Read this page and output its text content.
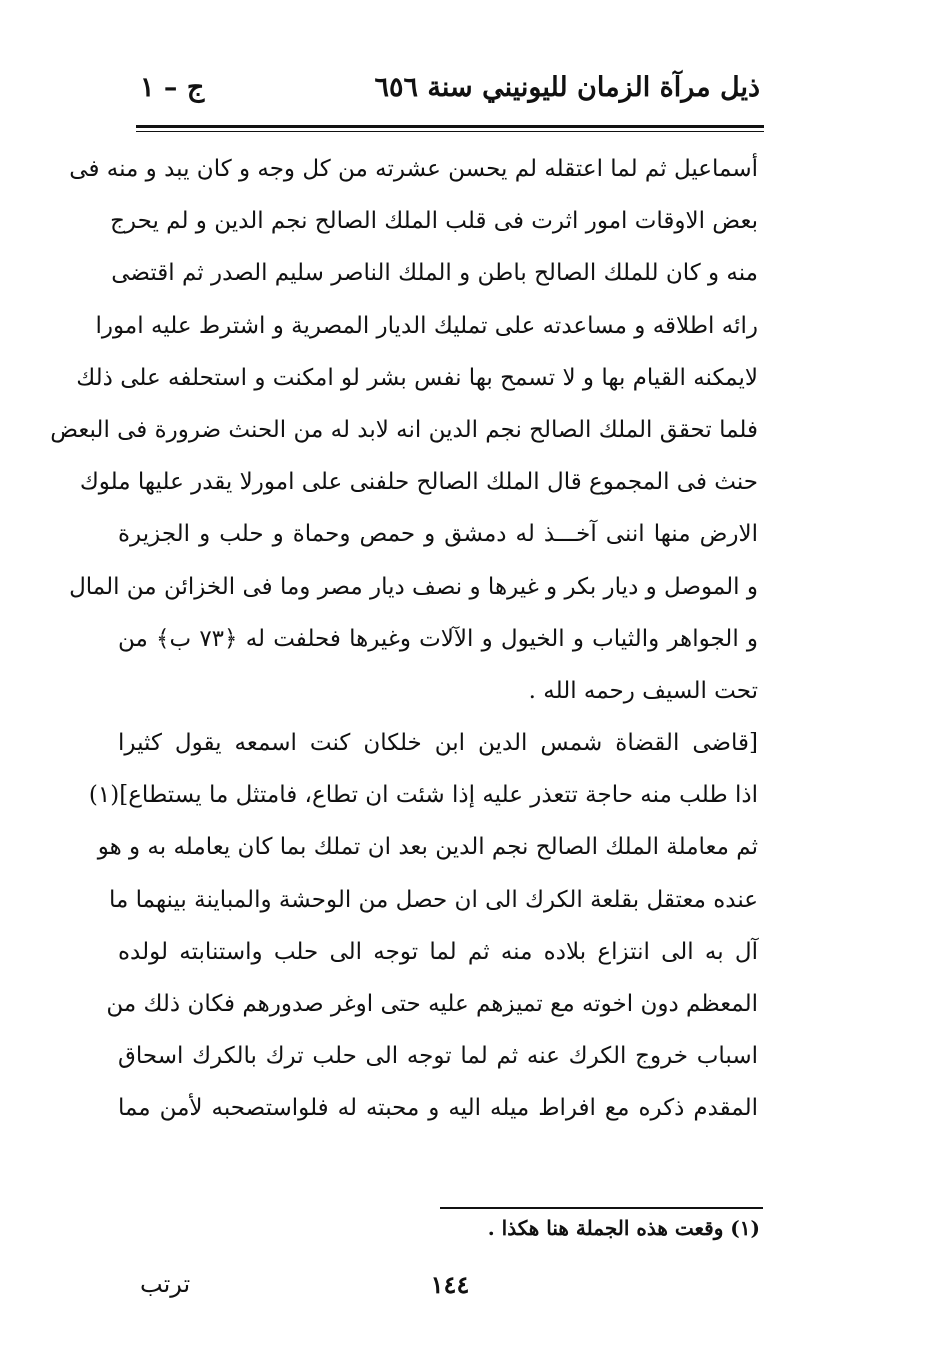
ذيل مرآة الزمان لليونيني سنة ٦٥٦
ج – ١
أسماعيل ثم لما اعتقله لم يحسن عشرته من كل وجه و كان يبد و منه فى
بعض الاوقات امور اثرت فى قلب الملك الصالح نجم الدين و لم يحرج
منه و كان للملك الصالح باطن و الملك الناصر سليم الصدر ثم اقتضى
رائه اطلاقه و مساعدته على تمليك الديار المصرية و اشترط عليه امورا
لايمكنه القيام بها و لا تسمح بها نفس بشر لو امكنت و استحلفه على ذلك
فلما تحقق الملك الصالح نجم الدين انه لابد له من الحنث ضرورة فى البعض
حنث فى المجموع قال الملك الصالح حلفنى على امورلا يقدر عليها ملوك
الارض منها اننى آخـــذ له دمشق و حمص وحماة و حلب و الجزيرة
و الموصل و ديار بكر و غيرها و نصف ديار مصر وما فى الخزائن من المال
و الجواهر والثياب و الخيول و الآلات وغيرها فحلفت له ﴿٧٣ ب﴾ من
تحت السيف رحمه الله .
[قاضى القضاة شمس الدين ابن خلكان كنت اسمعه يقول كثيرا
اذا طلب منه حاجة تتعذر عليه إذا شئت ان تطاع، فامتثل ما يستطاع](١)
ثم معاملة الملك الصالح نجم الدين بعد ان تملك بما كان يعامله به و هو
عنده معتقل بقلعة الكرك الى ان حصل من الوحشة والمباينة بينهما ما
آل به الى انتزاع بلاده منه ثم لما توجه الى حلب واستنابته لولده
المعظم دون اخوته مع تميزهم عليه حتى اوغر صدورهم فكان ذلك من
اسباب خروج الكرك عنه ثم لما توجه الى حلب ترك بالكرك اسحاق
المقدم ذكره مع افراط ميله اليه و محبته له فلواستصحبه لأمن مما
(١) وقعت هذه الجملة هنا هكذا .
١٤٤
ترتب
